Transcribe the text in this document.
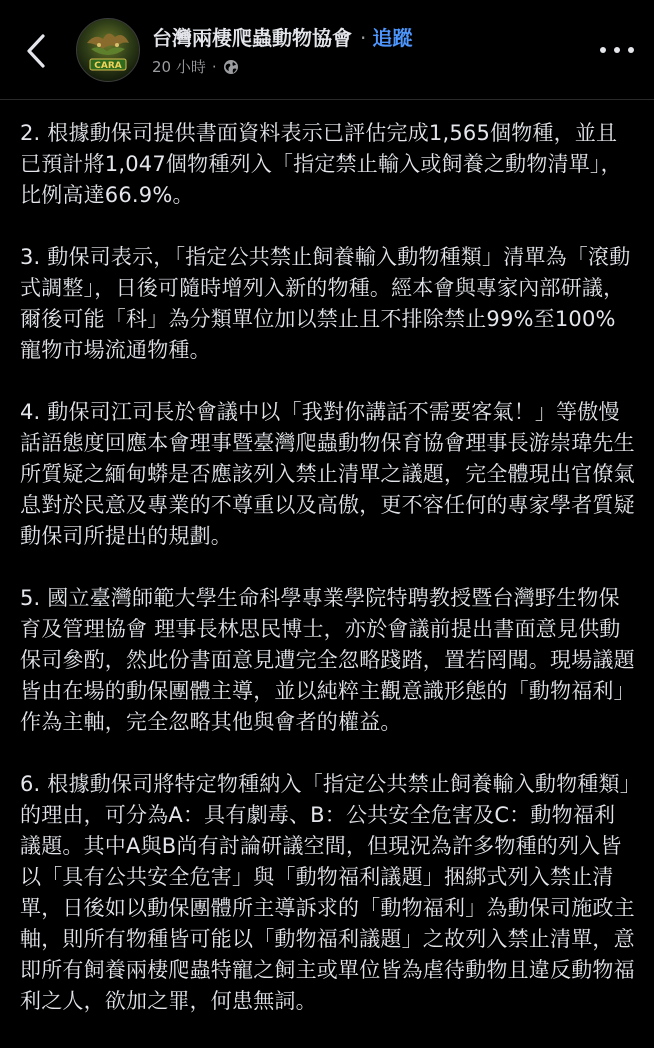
CARA
台灣兩棲爬蟲動物協會 · 追蹤
20 小時 ·

2. 根據動保司提供書面資料表示已評估完成1,565個物種，並且已預計將1,047個物種列入「指定禁止輸入或飼養之動物清單」，比例高達66.9%。

3. 動保司表示，「指定公共禁止飼養輸入動物種類」清單為「滾動式調整」，日後可隨時增列入新的物種。經本會與專家內部研議，爾後可能「科」為分類單位加以禁止且不排除禁止99%至100%寵物市場流通物種。

4. 動保司江司長於會議中以「我對你講話不需要客氣！」等傲慢話語態度回應本會理事暨臺灣爬蟲動物保育協會理事長游崇瑋先生所質疑之緬甸蟒是否應該列入禁止清單之議題，完全體現出官僚氣息對於民意及專業的不尊重以及高傲，更不容任何的專家學者質疑動保司所提出的規劃。

5. 國立臺灣師範大學生命科學專業學院特聘教授暨台灣野生物保育及管理協會 理事長林思民博士，亦於會議前提出書面意見供動保司參酌，然此份書面意見遭完全忽略踐踏，置若罔聞。現場議題皆由在場的動保團體主導，並以純粹主觀意識形態的「動物福利」作為主軸，完全忽略其他與會者的權益。

6. 根據動保司將特定物種納入「指定公共禁止飼養輸入動物種類」的理由，可分為A：具有劇毒、B：公共安全危害及C：動物福利議題。其中A與B尚有討論研議空間，但現況為許多物種的列入皆以「具有公共安全危害」與「動物福利議題」捆綁式列入禁止清單，日後如以動保團體所主導訴求的「動物福利」為動保司施政主軸，則所有物種皆可能以「動物福利議題」之故列入禁止清單，意即所有飼養兩棲爬蟲特寵之飼主或單位皆為虐待動物且違反動物福利之人，欲加之罪，何患無詞。
